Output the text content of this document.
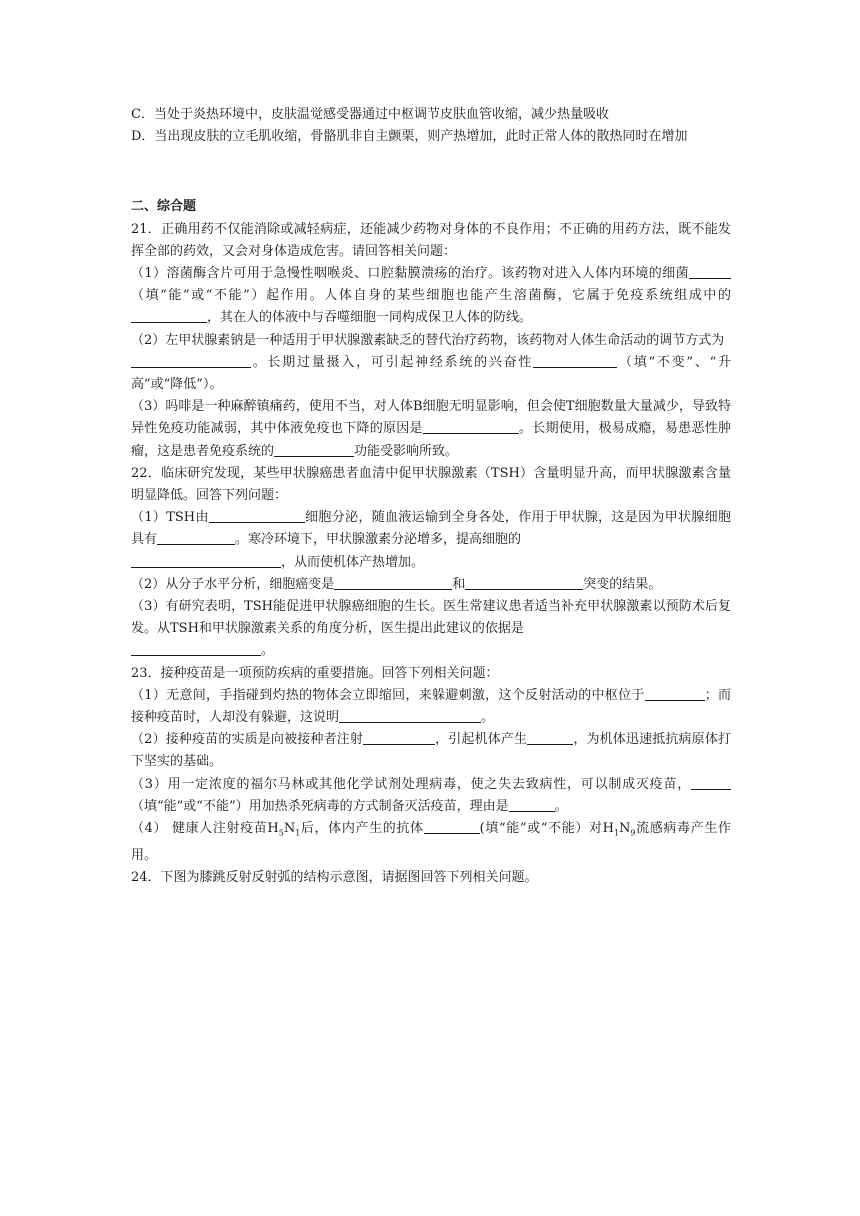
C．当处于炎热环境中，皮肤温觉感受器通过中枢调节皮肤血管收缩，减少热量吸收

D．当出现皮肤的立毛肌收缩，骨骼肌非自主颤栗，则产热增加，此时正常人体的散热同时在增加

二、综合题

21．正确用药不仅能消除或减轻病症，还能减少药物对身体的不良作用；不正确的用药方法，既不能发挥全部的药效，又会对身体造成危害。请回答相关问题：

（1）溶菌酶含片可用于急慢性咽喉炎、口腔黏膜溃疡的治疗。该药物对进入人体内环境的细菌（填“能”或“不能”）起作用。人体自身的某些细胞也能产生溶菌酶，它属于免疫系统组成中的，其在人的体液中与吞噬细胞一同构成保卫人体的防线。

（2）左甲状腺素钠是一种适用于甲状腺激素缺乏的替代治疗药物，该药物对人体生命活动的调节方式为
。长期过量摄入，可引起神经系统的兴奋性	（填“不变”、“升高”或“降低”）。

（3）吗啡是一种麻醉镇痛药，使用不当，对人体B细胞无明显影响，但会使T细胞数量大量减少，导致特异性免疫功能减弱，其中体液免疫也下降的原因是	。长期使用，极易成瘾，易患恶性肿瘤，这是患者免疫系统的	功能受影响所致。

22．临床研究发现，某些甲状腺癌患者血清中促甲状腺激素（TSH）含量明显升高，而甲状腺激素含量明显降低。回答下列问题：

（1）TSH由	细胞分泌，随血液运输到全身各处，作用于甲状腺，这是因为甲状腺细胞具有	。寒冷环境下，甲状腺激素分泌增多，提高细胞的
，从而使机体产热增加。

（2）从分子水平分析，细胞癌变是	和	突变的结果。

（3）有研究表明，TSH能促进甲状腺癌细胞的生长。医生常建议患者适当补充甲状腺激素以预防术后复发。从TSH和甲状腺激素关系的角度分析，医生提出此建议的依据是
。

23．接种疫苗是一项预防疾病的重要措施。回答下列相关问题：

（1）无意间，手指碰到灼热的物体会立即缩回，来躲避刺激，这个反射活动的中枢位于	；而接种疫苗时，人却没有躲避，这说明	。

（2）接种疫苗的实质是向被接种者注射	，引起机体产生	，为机体迅速抵抗病原体打下坚实的基础。

（3）用一定浓度的福尔马林或其他化学试剂处理病毒，使之失去致病性，可以制成灭疫苗，（填“能”或“不能”）用加热杀死病毒的方式制备灭活疫苗，理由是	。

（4） 健康人注射疫苗$H_5N_1$后，体内产生的抗体	(填“能”或“不能）对$H_1N_9$流感病毒产生作用。

24．下图为膝跳反射反射弧的结构示意图，请据图回答下列相关问题。
